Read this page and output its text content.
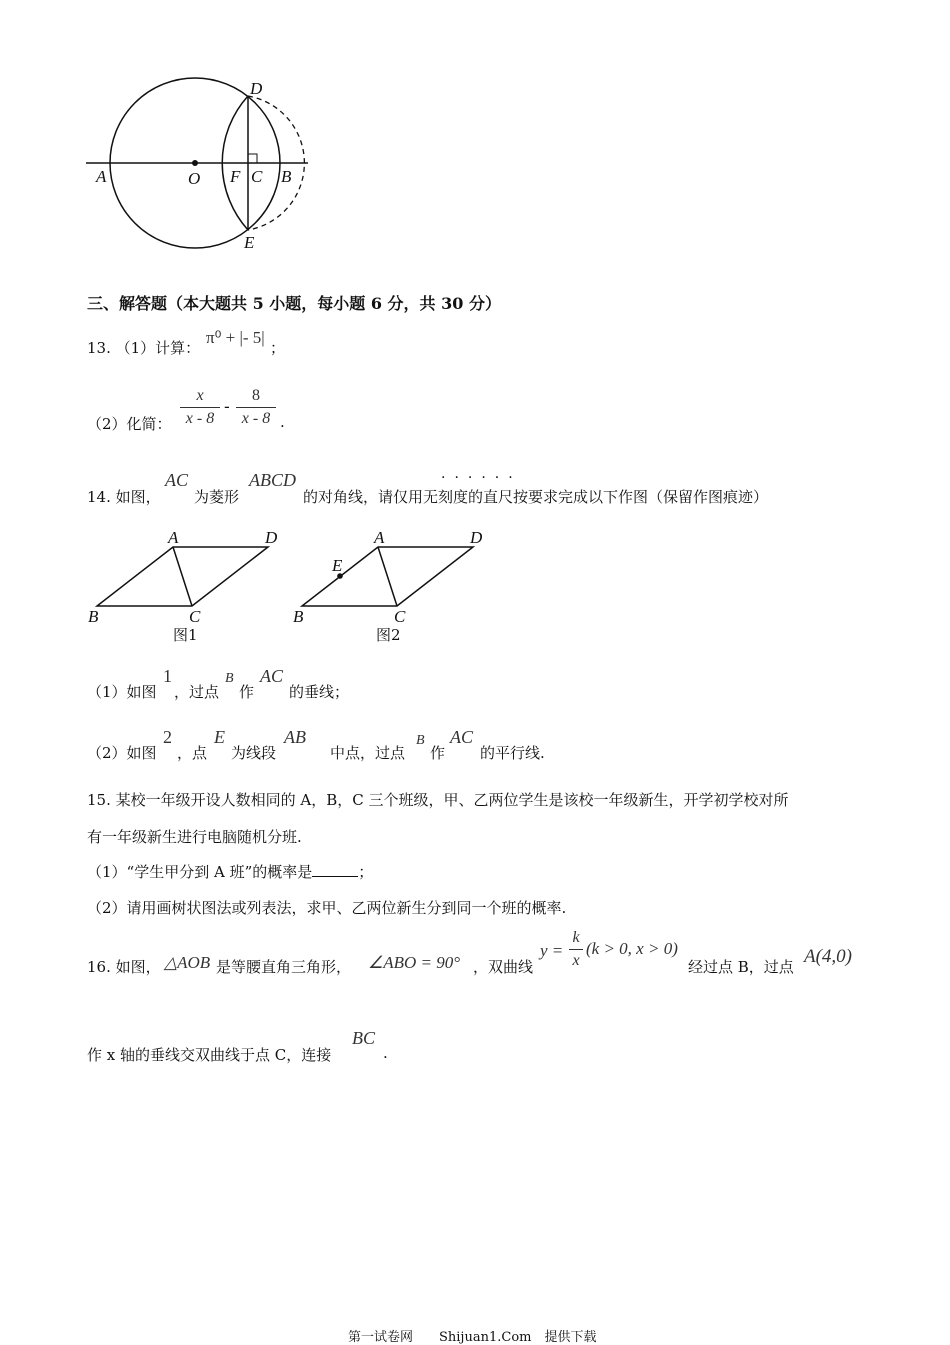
D
A	O F C B
E
三、解答题（本大题共 5 小题，每小题 6 分，共 30 分）
13. （1）计算：
π⁰ + |- 5|
；
（2）化简：
x
x - 8
-
8
x - 8 .
14. 如图，
AC
为菱形
ABCD
的对角线，请仅用无刻度的直尺按要求完成以下作图（保留作图痕迹）
······
A	D
B	C
图1
A	D
B	C
E
图2
（1）如图
1
，过点
B
作
AC
的垂线；
（2）如图
2
，点
E
为线段
AB
中点，过点
B
作
AC
的平行线.
15. 某校一年级开设人数相同的 A，B，C 三个班级，甲、乙两位学生是该校一年级新生，开学初学校对所
有一年级新生进行电脑随机分班.
（1）“学生甲分到 A 班”的概率是	；
（2）请用画树状图法或列表法，求甲、乙两位新生分到同一个班的概率.
16. 如图， △AOB 是等腰直角三角形， ∠ABO = 90° ，双曲线
y =
k
x
(k > 0, x > 0)
经过点 B，过点 A(4,0)
作 x 轴的垂线交双曲线于点 C，连接
BC
.
第一试卷网　　Shijuan1.Com　提供下载
